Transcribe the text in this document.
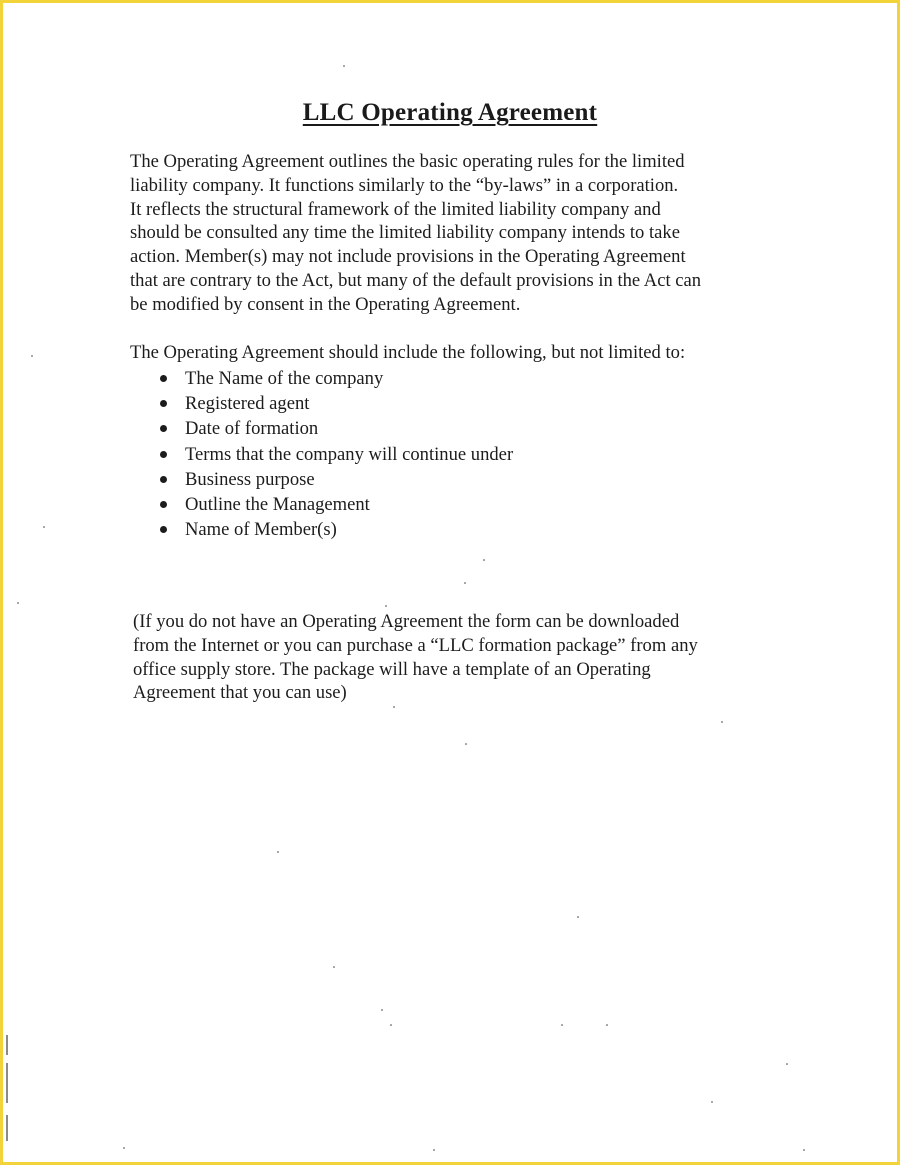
LLC Operating Agreement

The Operating Agreement outlines the basic operating rules for the limited
liability company. It functions similarly to the “by-laws” in a corporation.
It reflects the structural framework of the limited liability company and
should be consulted any time the limited liability company intends to take
action. Member(s) may not include provisions in the Operating Agreement
that are contrary to the Act, but many of the default provisions in the Act can
be modified by consent in the Operating Agreement.

The Operating Agreement should include the following, but not limited to:

The Name of the company
Registered agent
Date of formation
Terms that the company will continue under
Business purpose
Outline the Management
Name of Member(s)

(If you do not have an Operating Agreement the form can be downloaded
from the Internet or you can purchase a “LLC formation package” from any
office supply store. The package will have a template of an Operating
Agreement that you can use)
